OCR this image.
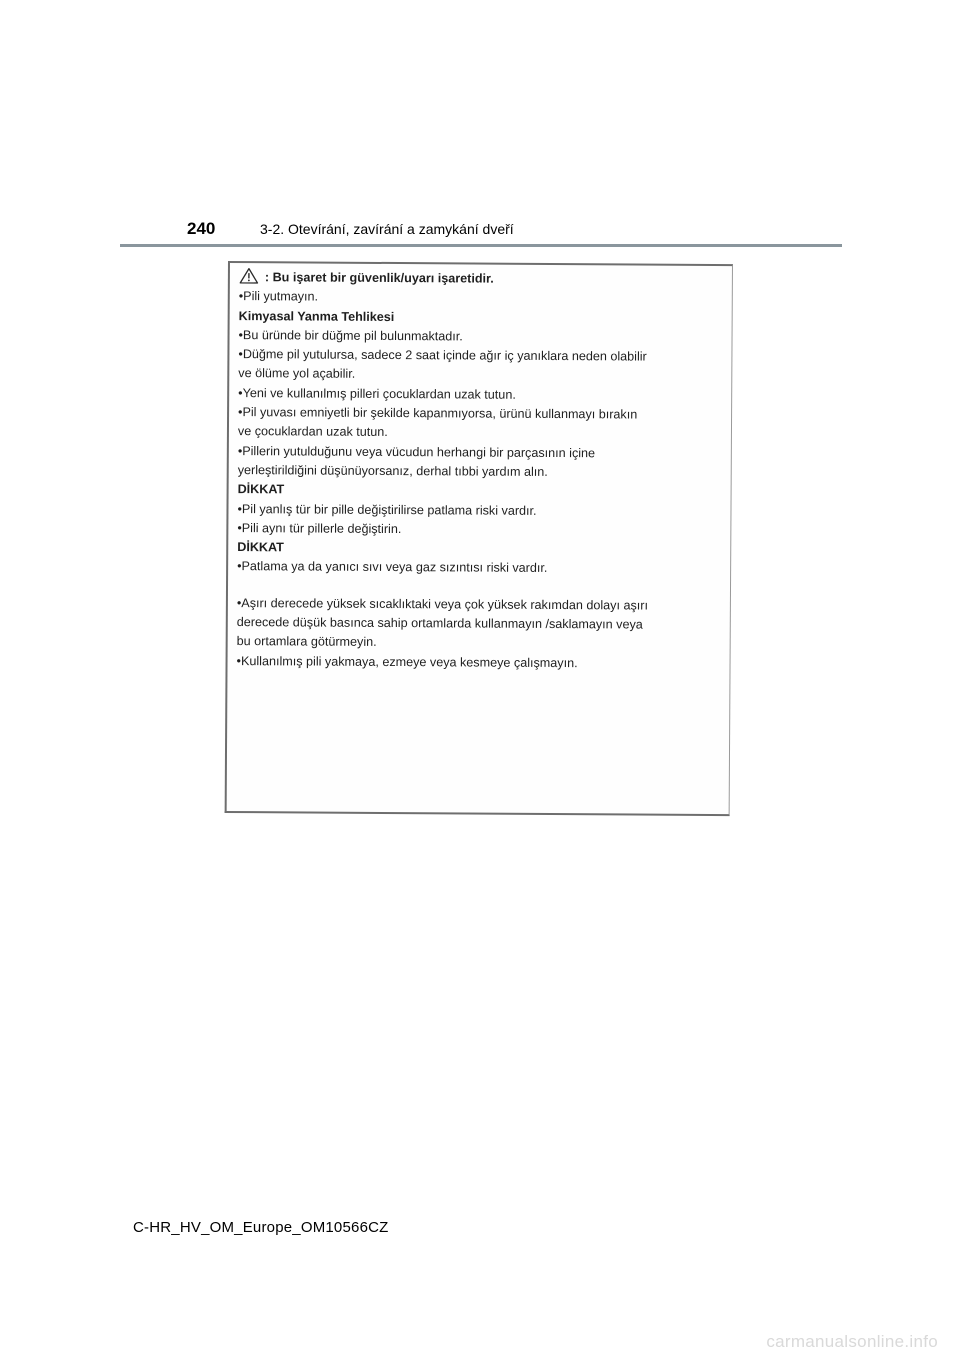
240	3-2. Otevírání, zavírání a zamykání dveří
: Bu işaret bir güvenlik/uyarı işaretidir.
•Pili yutmayın.
Kimyasal Yanma Tehlikesi
•Bu üründe bir düğme pil bulunmaktadır.
•Düğme pil yutulursa, sadece 2 saat içinde ağır iç yanıklara neden olabilir
ve ölüme yol açabilir.
•Yeni ve kullanılmış pilleri çocuklardan uzak tutun.
•Pil yuvası emniyetli bir şekilde kapanmıyorsa, ürünü kullanmayı bırakın
ve çocuklardan uzak tutun.
•Pillerin yutulduğunu veya vücudun herhangi bir parçasının içine
yerleştirildiğini düşünüyorsanız, derhal tıbbi yardım alın.
DİKKAT
•Pil yanlış tür bir pille değiştirilirse patlama riski vardır.
•Pili aynı tür pillerle değiştirin.
DİKKAT
•Patlama ya da yanıcı sıvı veya gaz sızıntısı riski vardır.
•Aşırı derecede yüksek sıcaklıktaki veya çok yüksek rakımdan dolayı aşırı
derecede düşük basınca sahip ortamlarda kullanmayın /saklamayın veya
bu ortamlara götürmeyin.
•Kullanılmış pili yakmaya, ezmeye veya kesmeye çalışmayın.
C-HR_HV_OM_Europe_OM10566CZ
carmanualsonline.info
